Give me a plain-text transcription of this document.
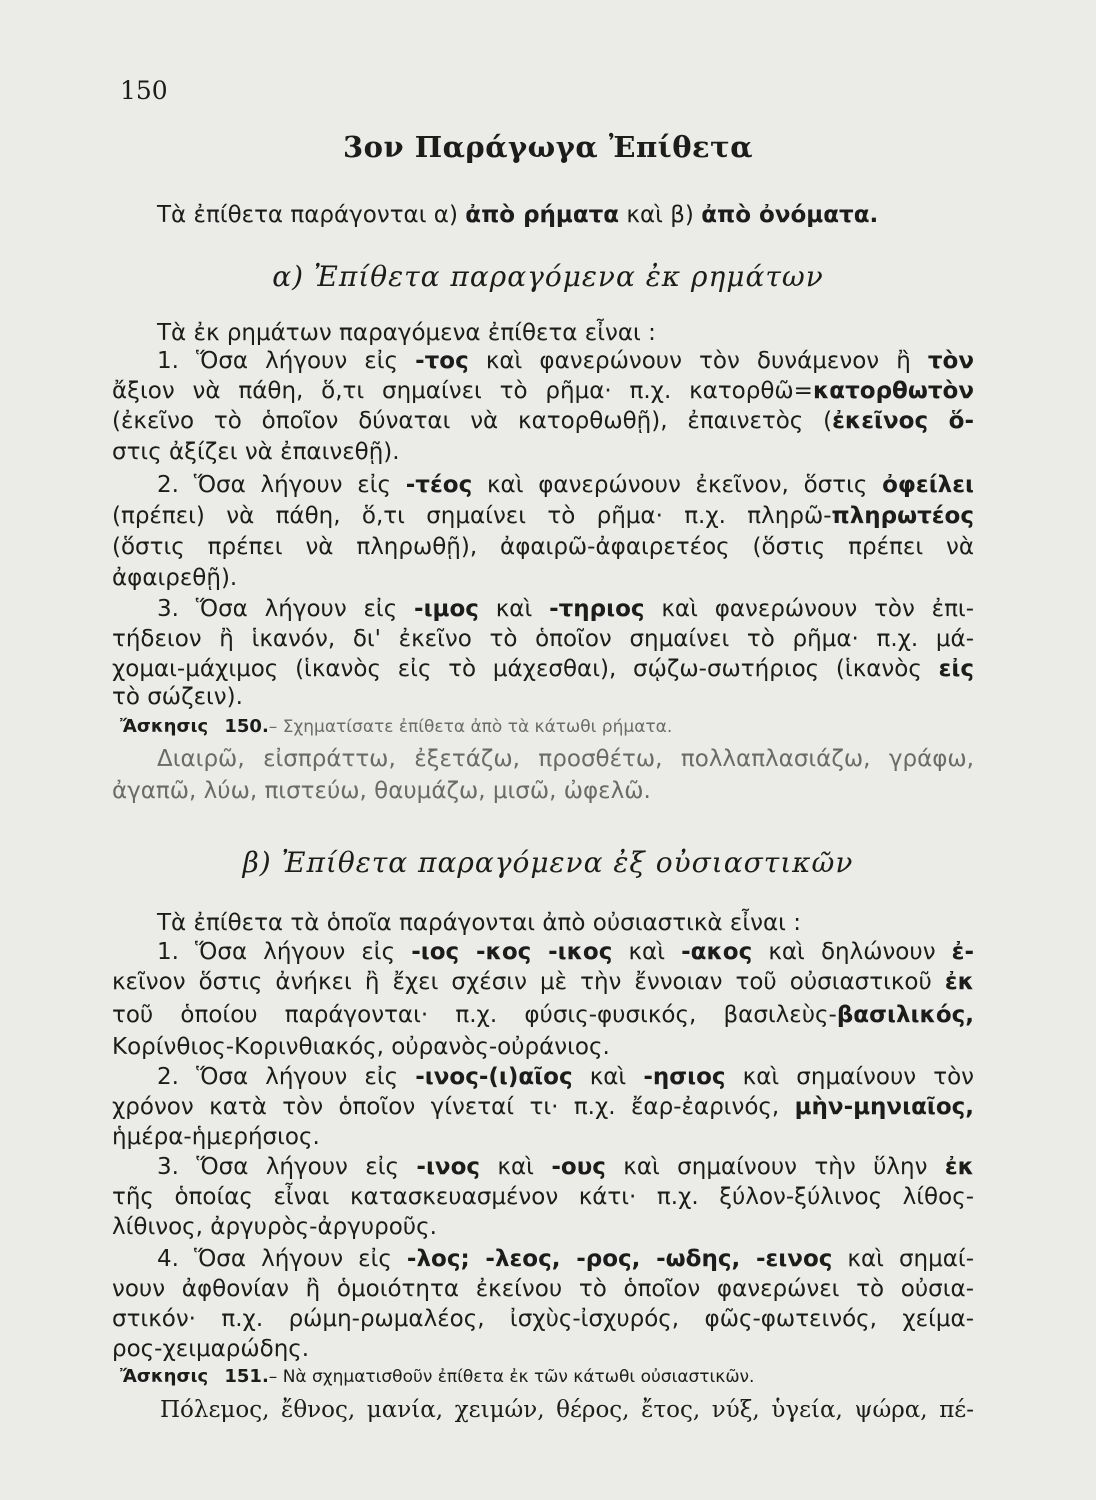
150
3ον Παράγωγα Ἐπίθετα
Τὰ ἐπίθετα παράγονται α) ἀπὸ ρήματα καὶ β) ἀπὸ ὀνόματα.
α) Ἐπίθετα παραγόμενα ἐκ ρημάτων
Τὰ ἐκ ρημάτων παραγόμενα ἐπίθετα εἶναι :
1. Ὅσα λήγουν εἰς -τος καὶ φανερώνουν τὸν δυνάμενον ἢ τὸν
ἄξιον νὰ πάθη, ὅ,τι σημαίνει τὸ ρῆμα· π.χ. κατορθῶ=κατορθωτὸν
(ἐκεῖνο τὸ ὁποῖον δύναται νὰ κατορθωθῇ), ἐπαινετὸς (ἐκεῖνος ὅ-
στις ἀξίζει νὰ ἐπαινεθῇ).
2. Ὅσα λήγουν εἰς -τέος καὶ φανερώνουν ἐκεῖνον, ὅστις ὀφείλει
(πρέπει) νὰ πάθη, ὅ,τι σημαίνει τὸ ρῆμα· π.χ. πληρῶ-πληρωτέος
(ὅστις πρέπει νὰ πληρωθῇ), ἀφαιρῶ-ἀφαιρετέος (ὅστις πρέπει νὰ
ἀφαιρεθῇ).
3. Ὅσα λήγουν εἰς -ιμος καὶ -τηριος καὶ φανερώνουν τὸν ἐπι-
τήδειον ἢ ἱκανόν, δι' ἐκεῖνο τὸ ὁποῖον σημαίνει τὸ ρῆμα· π.χ. μά-
χομαι-μάχιμος (ἱκανὸς εἰς τὸ μάχεσθαι), σῴζω-σωτήριος (ἱκανὸς εἰς
τὸ σώζειν).
Ἄσκησις 150.– Σχηματίσατε ἐπίθετα ἀπὸ τὰ κάτωθι ρήματα.
Διαιρῶ, εἰσπράττω, ἐξετάζω, προσθέτω, πολλαπλασιάζω, γράφω,
ἀγαπῶ, λύω, πιστεύω, θαυμάζω, μισῶ, ὠφελῶ.
β) Ἐπίθετα παραγόμενα ἐξ οὐσιαστικῶν
Τὰ ἐπίθετα τὰ ὁποῖα παράγονται ἀπὸ οὐσιαστικὰ εἶναι :
1. Ὅσα λήγουν εἰς -ιος -κος -ικος καὶ -ακος καὶ δηλώνουν ἐ-
κεῖνον ὅστις ἀνήκει ἢ ἔχει σχέσιν μὲ τὴν ἔννοιαν τοῦ οὐσιαστικοῦ ἐκ
τοῦ ὁποίου παράγονται· π.χ. φύσις-φυσικός, βασιλεὺς-βασιλικός,
Κορίνθιος-Κορινθιακός, οὐρανὸς-οὐράνιος.
2. Ὅσα λήγουν εἰς -ινος-(ι)αῖος καὶ -ησιος καὶ σημαίνουν τὸν
χρόνον κατὰ τὸν ὁποῖον γίνεταί τι· π.χ. ἔαρ-ἐαρινός, μὴν-μηνιαῖος,
ἡμέρα-ἡμερήσιος.
3. Ὅσα λήγουν εἰς -ινος καὶ -ους καὶ σημαίνουν τὴν ὕλην ἐκ
τῆς ὁποίας εἶναι κατασκευασμένον κάτι· π.χ. ξύλον-ξύλινος λίθος-
λίθινος, ἀργυρὸς-ἀργυροῦς.
4. Ὅσα λήγουν εἰς -λος; -λεος, -ρος, -ωδης, -εινος καὶ σημαί-
νουν ἀφθονίαν ἢ ὁμοιότητα ἐκείνου τὸ ὁποῖον φανερώνει τὸ οὐσια-
στικόν· π.χ. ρώμη-ρωμαλέος, ἰσχὺς-ἰσχυρός, φῶς-φωτεινός, χείμα-
ρος-χειμαρώδης.
Ἄσκησις 151.– Νὰ σχηματισθοῦν ἐπίθετα ἐκ τῶν κάτωθι οὐσιαστικῶν.
Πόλεμος, ἔθνος, μανία, χειμών, θέρος, ἔτος, νύξ, ὑγεία, ψώρα, πέ-
